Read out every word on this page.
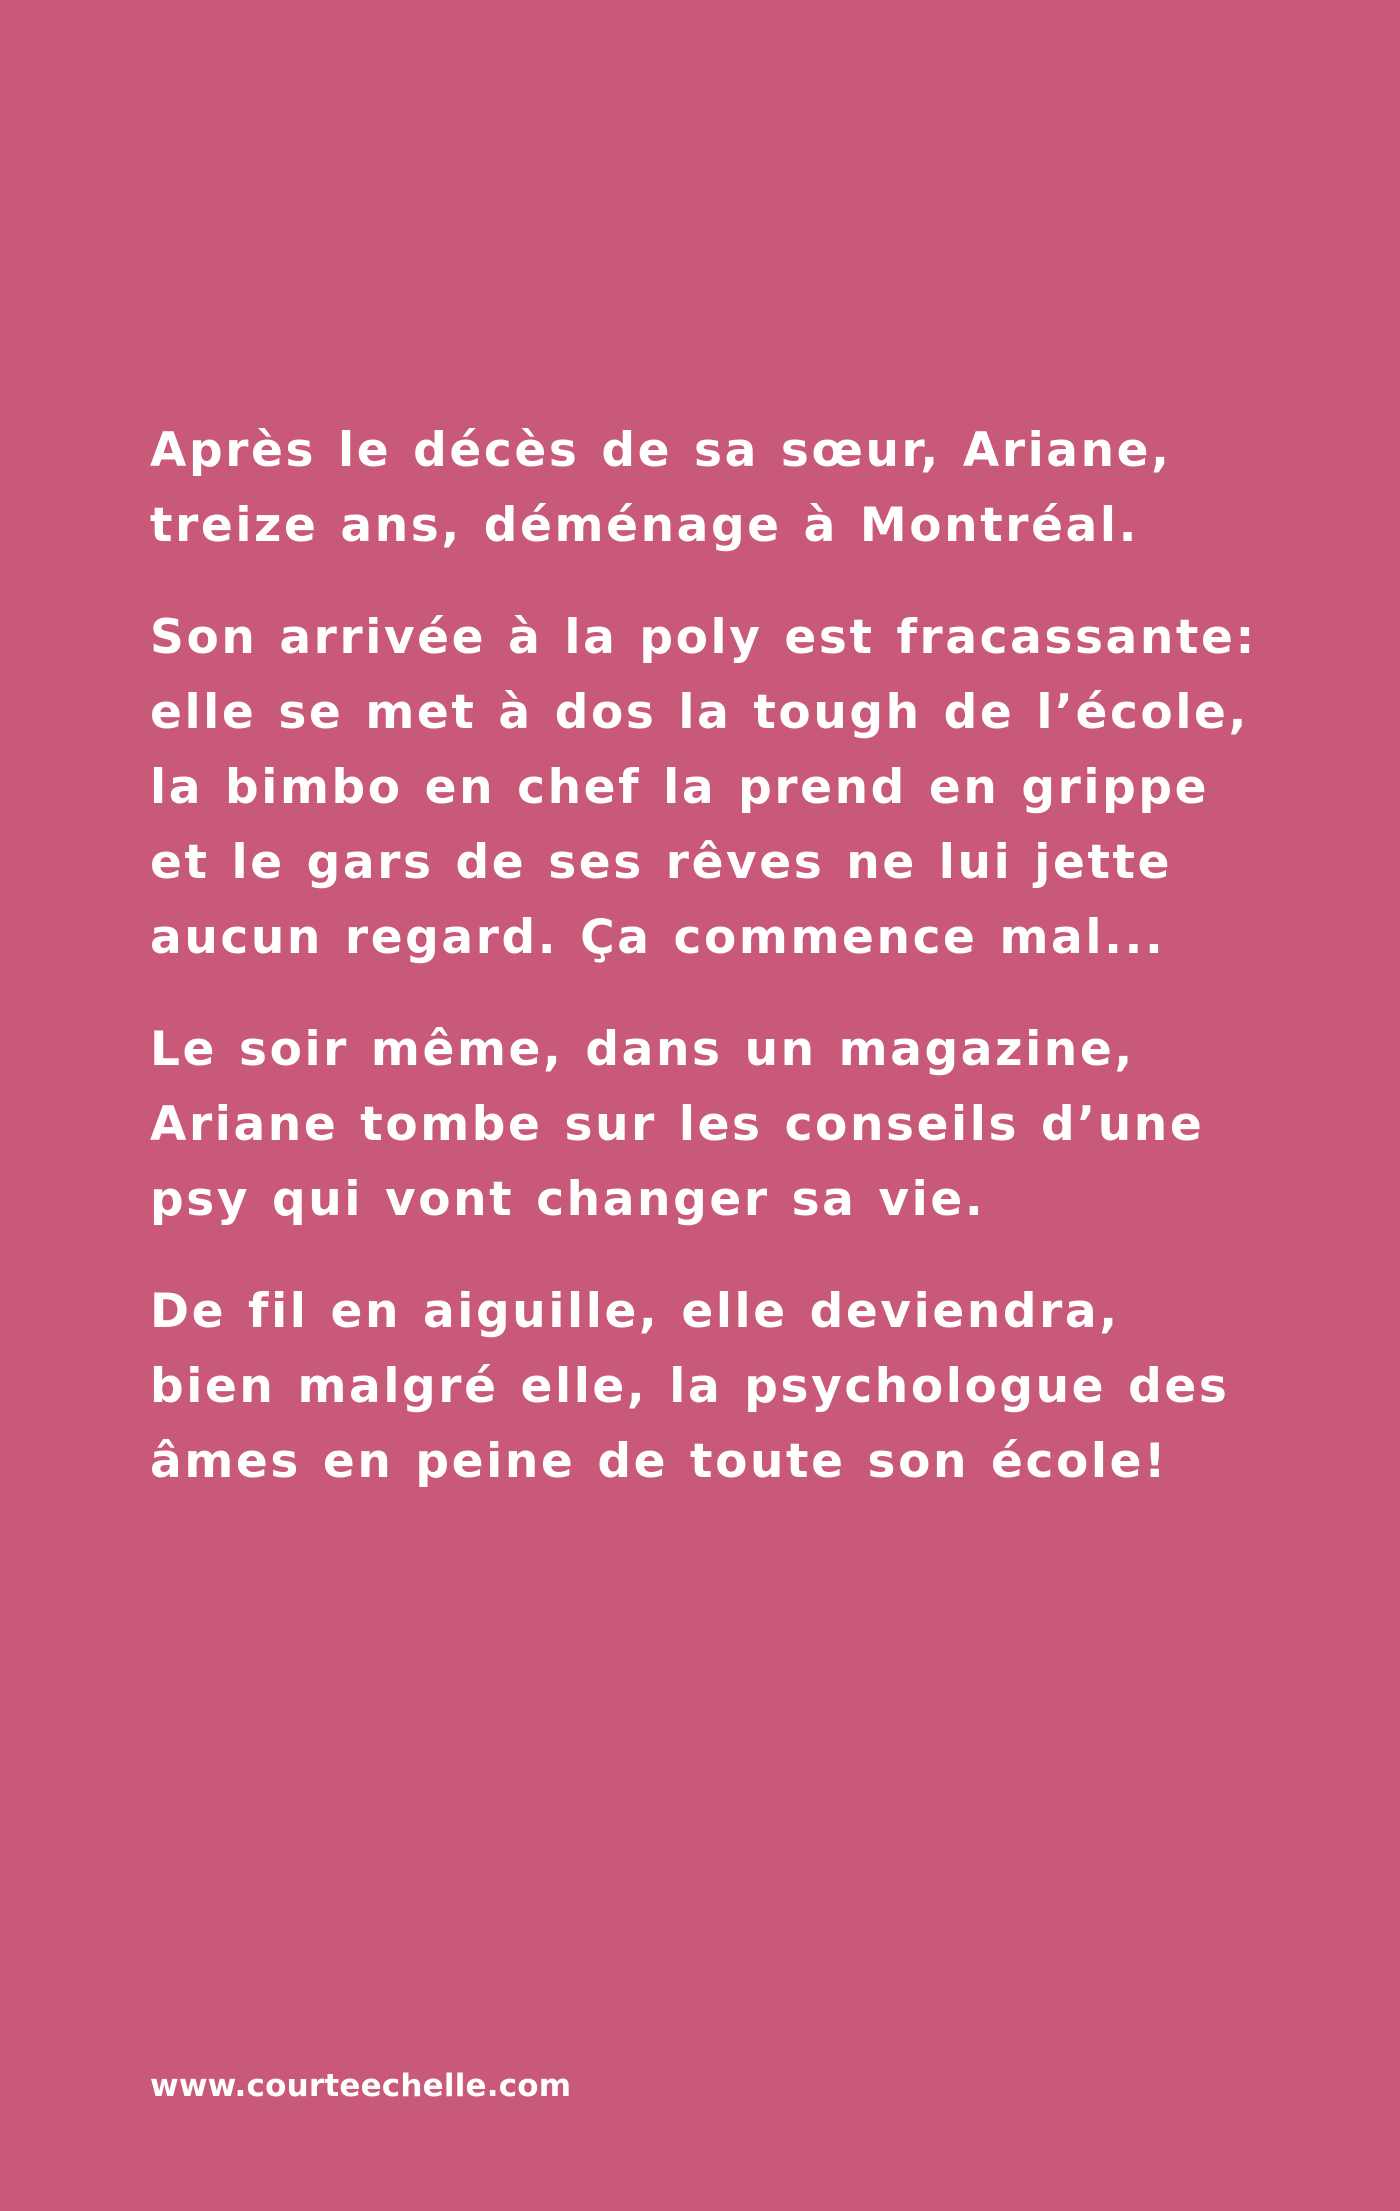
Après le décès de sa sœur, Ariane,
treize ans, déménage à Montréal.

Son arrivée à la poly est fracassante:
elle se met à dos la tough de l’école,
la bimbo en chef la prend en grippe
et le gars de ses rêves ne lui jette
aucun regard. Ça commence mal...

Le soir même, dans un magazine,
Ariane tombe sur les conseils d’une
psy qui vont changer sa vie.

De fil en aiguille, elle deviendra,
bien malgré elle, la psychologue des
âmes en peine de toute son école!

www.courteechelle.com
